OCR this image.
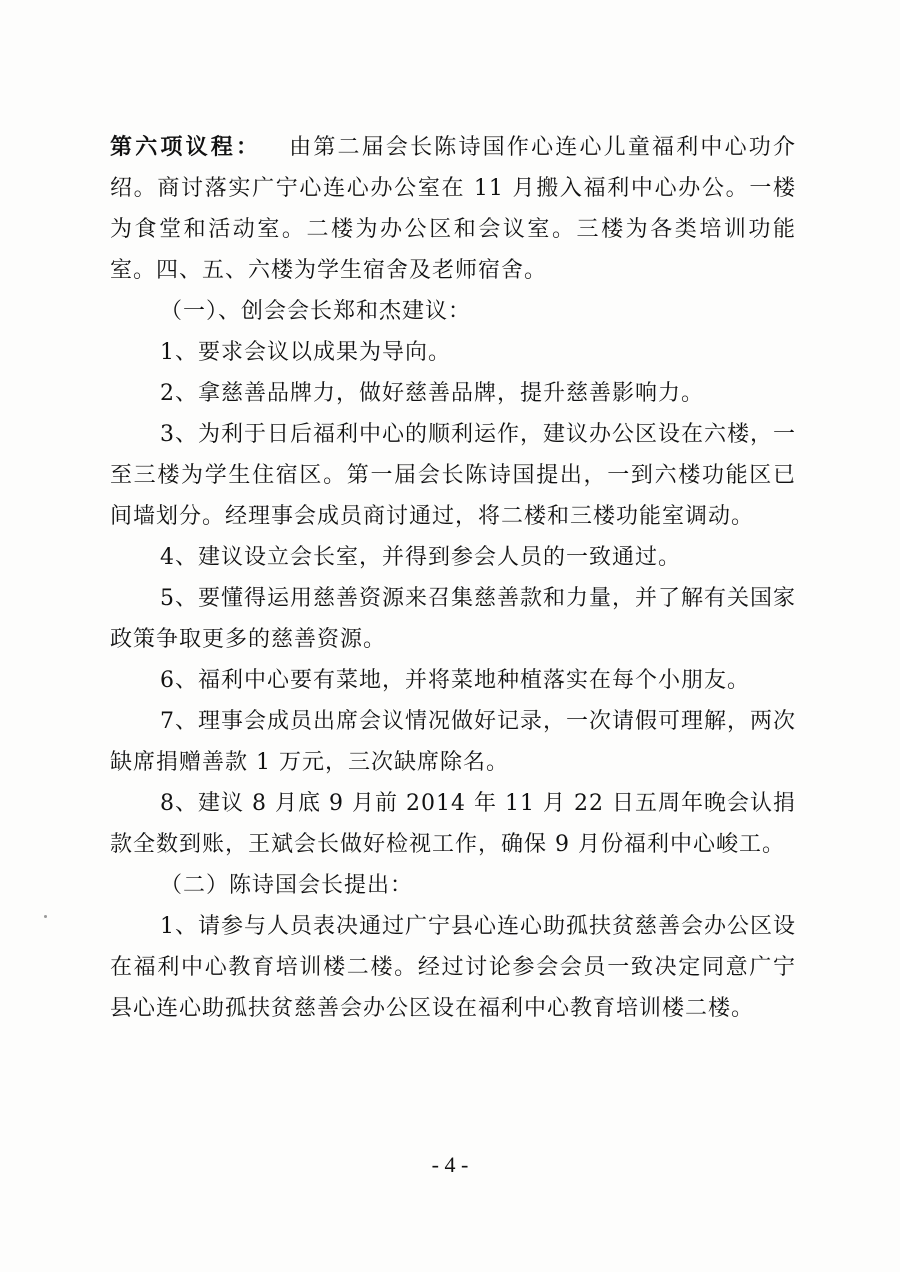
第六项议程： 由第二届会长陈诗国作心连心儿童福利中心功介绍。商讨落实广宁心连心办公室在 11 月搬入福利中心办公。一楼为食堂和活动室。二楼为办公区和会议室。三楼为各类培训功能室。四、五、六楼为学生宿舍及老师宿舍。

（一）、创会会长郑和杰建议：

1、要求会议以成果为导向。

2、拿慈善品牌力，做好慈善品牌，提升慈善影响力。

3、为利于日后福利中心的顺利运作，建议办公区设在六楼，一至三楼为学生住宿区。第一届会长陈诗国提出，一到六楼功能区已间墙划分。经理事会成员商讨通过，将二楼和三楼功能室调动。

4、建议设立会长室，并得到参会人员的一致通过。

5、要懂得运用慈善资源来召集慈善款和力量，并了解有关国家政策争取更多的慈善资源。

6、福利中心要有菜地，并将菜地种植落实在每个小朋友。

7、理事会成员出席会议情况做好记录，一次请假可理解，两次缺席捐赠善款 1 万元，三次缺席除名。

8、建议 8 月底 9 月前 2014 年 11 月 22 日五周年晚会认捐款全数到账，王斌会长做好检视工作，确保 9 月份福利中心峻工。

（二）陈诗国会长提出：

1、请参与人员表决通过广宁县心连心助孤扶贫慈善会办公区设在福利中心教育培训楼二楼。经过讨论参会会员一致决定同意广宁县心连心助孤扶贫慈善会办公区设在福利中心教育培训楼二楼。

- 4 -
